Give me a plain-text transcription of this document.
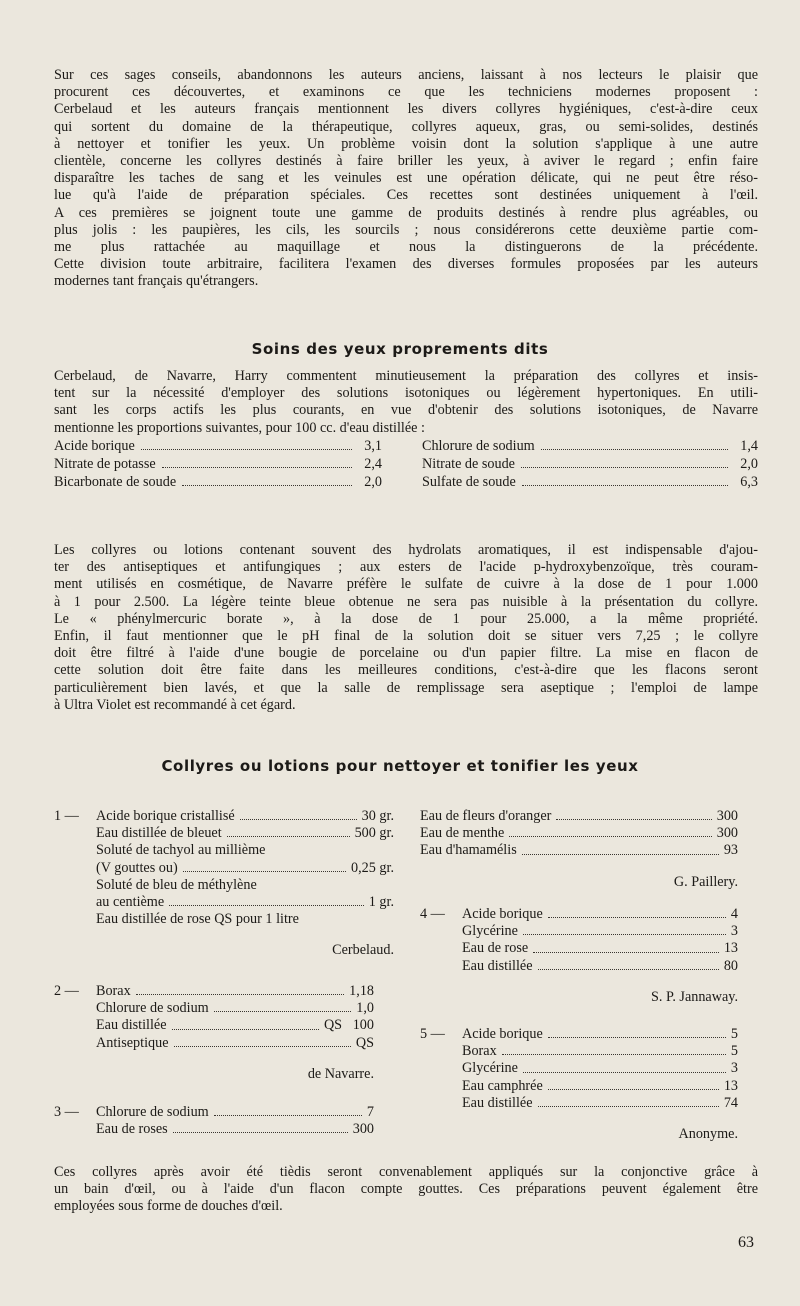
Sur ces sages conseils, abandonnons les auteurs anciens, laissant à nos lecteurs le plaisir que
procurent ces découvertes, et examinons ce que les techniciens modernes proposent :
Cerbelaud et les auteurs français mentionnent les divers collyres hygiéniques, c'est-à-dire ceux
qui sortent du domaine de la thérapeutique, collyres aqueux, gras, ou semi-solides, destinés
à nettoyer et tonifier les yeux. Un problème voisin dont la solution s'applique à une autre
clientèle, concerne les collyres destinés à faire briller les yeux, à aviver le regard ; enfin faire
disparaître les taches de sang et les veinules est une opération délicate, qui ne peut être réso-
lue qu'à l'aide de préparation spéciales. Ces recettes sont destinées uniquement à l'œil.
A ces premières se joignent toute une gamme de produits destinés à rendre plus agréables, ou
plus jolis : les paupières, les cils, les sourcils ; nous considérerons cette deuxième partie com-
me plus rattachée au maquillage et nous la distinguerons de la précédente.
Cette division toute arbitraire, facilitera l'examen des diverses formules proposées par les auteurs
modernes tant français qu'étrangers.
Soins des yeux proprements dits
Cerbelaud, de Navarre, Harry commentent minutieusement la préparation des collyres et insis-
tent sur la nécessité d'employer des solutions isotoniques ou légèrement hypertoniques. En utili-
sant les corps actifs les plus courants, en vue d'obtenir des solutions isotoniques, de Navarre
mentionne les proportions suivantes, pour 100 cc. d'eau distillée :
Acide borique	3,1	Chlorure de sodium	1,4
Nitrate de potasse	2,4	Nitrate de soude	2,0
Bicarbonate de soude	2,0	Sulfate de soude	6,3
Les collyres ou lotions contenant souvent des hydrolats aromatiques, il est indispensable d'ajou-
ter des antiseptiques et antifungiques ; aux esters de l'acide p-hydroxybenzoïque, très couram-
ment utilisés en cosmétique, de Navarre préfère le sulfate de cuivre à la dose de 1 pour 1.000
à 1 pour 2.500. La légère teinte bleue obtenue ne sera pas nuisible à la présentation du collyre.
Le « phénylmercuric borate », à la dose de 1 pour 25.000, a la même propriété.
Enfin, il faut mentionner que le pH final de la solution doit se situer vers 7,25 ; le collyre
doit être filtré à l'aide d'une bougie de porcelaine ou d'un papier filtre. La mise en flacon de
cette solution doit être faite dans les meilleures conditions, c'est-à-dire que les flacons seront
particulièrement bien lavés, et que la salle de remplissage sera aseptique ; l'emploi de lampe
à Ultra Violet est recommandé à cet égard.
Collyres ou lotions pour nettoyer et tonifier les yeux
1 — Acide borique cristallisé	30 gr.
Eau distillée de bleuet	500 gr.
Soluté de tachyol au millième
(V gouttes ou)	0,25 gr.
Soluté de bleu de méthylène
au centième	1 gr.
Eau distillée de rose QS pour 1 litre
Cerbelaud.
2 — Borax	1,18
Chlorure de sodium	1,0
Eau distillée	QS   100
Antiseptique	QS
de Navarre.
3 — Chlorure de sodium	7
Eau de roses	300
Eau de fleurs d'oranger	300
Eau de menthe	300
Eau d'hamamélis	93
G. Paillery.
4 — Acide borique	4
Glycérine	3
Eau de rose	13
Eau distillée	80
S. P. Jannaway.
5 — Acide borique	5
Borax	5
Glycérine	3
Eau camphrée	13
Eau distillée	74
Anonyme.
Ces collyres après avoir été tièdis seront convenablement appliqués sur la conjonctive grâce à
un bain d'œil, ou à l'aide d'un flacon compte gouttes. Ces préparations peuvent également être
employées sous forme de douches d'œil.
63
